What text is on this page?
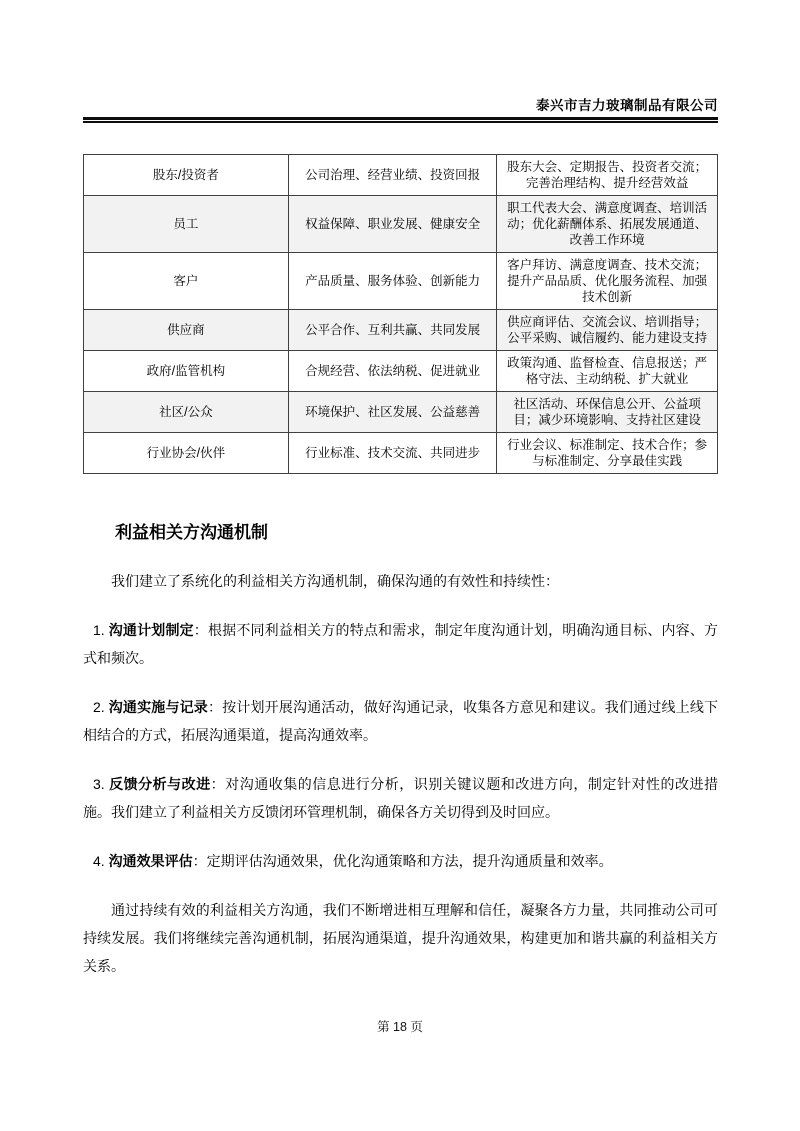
泰兴市吉力玻璃制品有限公司
股东/投资者	公司治理、经营业绩、投资回报	股东大会、定期报告、投资者交流；完善治理结构、提升经营效益
员工	权益保障、职业发展、健康安全	职工代表大会、满意度调查、培训活动；优化薪酬体系、拓展发展通道、改善工作环境
客户	产品质量、服务体验、创新能力	客户拜访、满意度调查、技术交流；提升产品品质、优化服务流程、加强技术创新
供应商	公平合作、互利共赢、共同发展	供应商评估、交流会议、培训指导；公平采购、诚信履约、能力建设支持
政府/监管机构	合规经营、依法纳税、促进就业	政策沟通、监督检查、信息报送；严格守法、主动纳税、扩大就业
社区/公众	环境保护、社区发展、公益慈善	社区活动、环保信息公开、公益项目；减少环境影响、支持社区建设
行业协会/伙伴	行业标准、技术交流、共同进步	行业会议、标准制定、技术合作；参与标准制定、分享最佳实践
利益相关方沟通机制

我们建立了系统化的利益相关方沟通机制，确保沟通的有效性和持续性：

1. 沟通计划制定：根据不同利益相关方的特点和需求，制定年度沟通计划，明确沟通目标、内容、方式和频次。

2. 沟通实施与记录：按计划开展沟通活动，做好沟通记录，收集各方意见和建议。我们通过线上线下相结合的方式，拓展沟通渠道，提高沟通效率。

3. 反馈分析与改进：对沟通收集的信息进行分析，识别关键议题和改进方向，制定针对性的改进措施。我们建立了利益相关方反馈闭环管理机制，确保各方关切得到及时回应。

4. 沟通效果评估：定期评估沟通效果，优化沟通策略和方法，提升沟通质量和效率。

通过持续有效的利益相关方沟通，我们不断增进相互理解和信任，凝聚各方力量，共同推动公司可持续发展。我们将继续完善沟通机制，拓展沟通渠道，提升沟通效果，构建更加和谐共赢的利益相关方关系。

第 18 页
